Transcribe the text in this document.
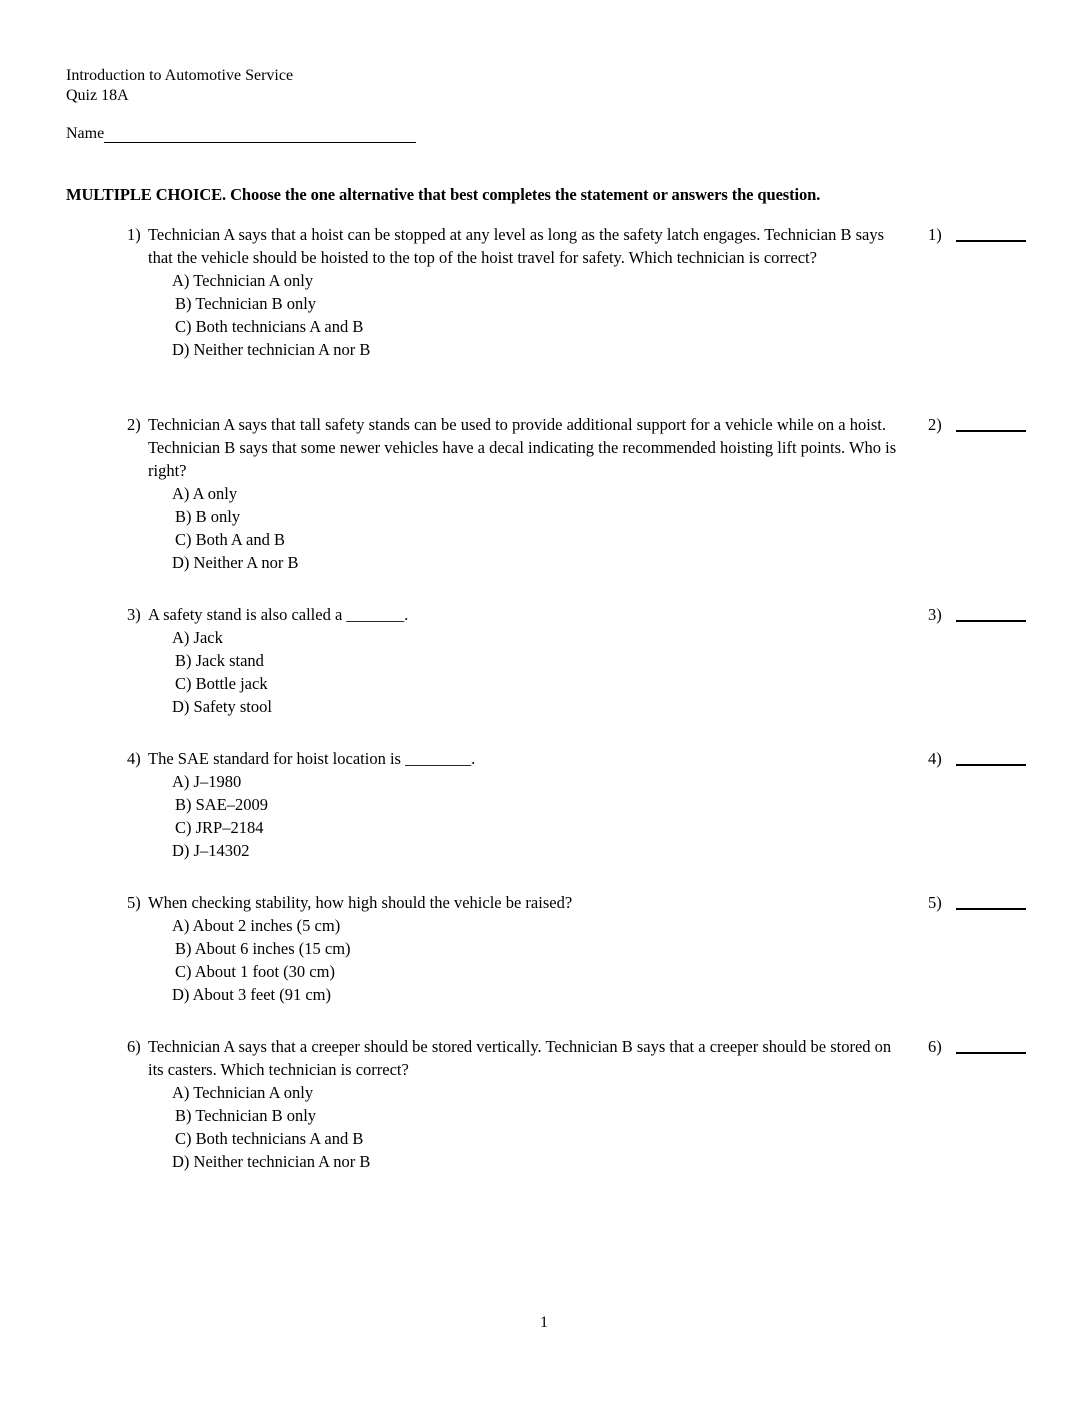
Introduction to Automotive Service
Quiz 18A
Name
MULTIPLE CHOICE. Choose the one alternative that best completes the statement or answers the question.
1) Technician A says that a hoist can be stopped at any level as long as the safety latch engages. Technician B says that the vehicle should be hoisted to the top of the hoist travel for safety. Which technician is correct?
A) Technician A only
B) Technician B only
C) Both technicians A and B
D) Neither technician A nor B
1)
2) Technician A says that tall safety stands can be used to provide additional support for a vehicle while on a hoist. Technician B says that some newer vehicles have a decal indicating the recommended hoisting lift points. Who is right?
A) A only
B) B only
C) Both A and B
D) Neither A nor B
2)
3) A safety stand is also called a _______.
A) Jack
B) Jack stand
C) Bottle jack
D) Safety stool
3)
4) The SAE standard for hoist location is ________.
A) J–1980
B) SAE–2009
C) JRP–2184
D) J–14302
4)
5) When checking stability, how high should the vehicle be raised?
A) About 2 inches (5 cm)
B) About 6 inches (15 cm)
C) About 1 foot (30 cm)
D) About 3 feet (91 cm)
5)
6) Technician A says that a creeper should be stored vertically. Technician B says that a creeper should be stored on its casters. Which technician is correct?
A) Technician A only
B) Technician B only
C) Both technicians A and B
D) Neither technician A nor B
6)
1
